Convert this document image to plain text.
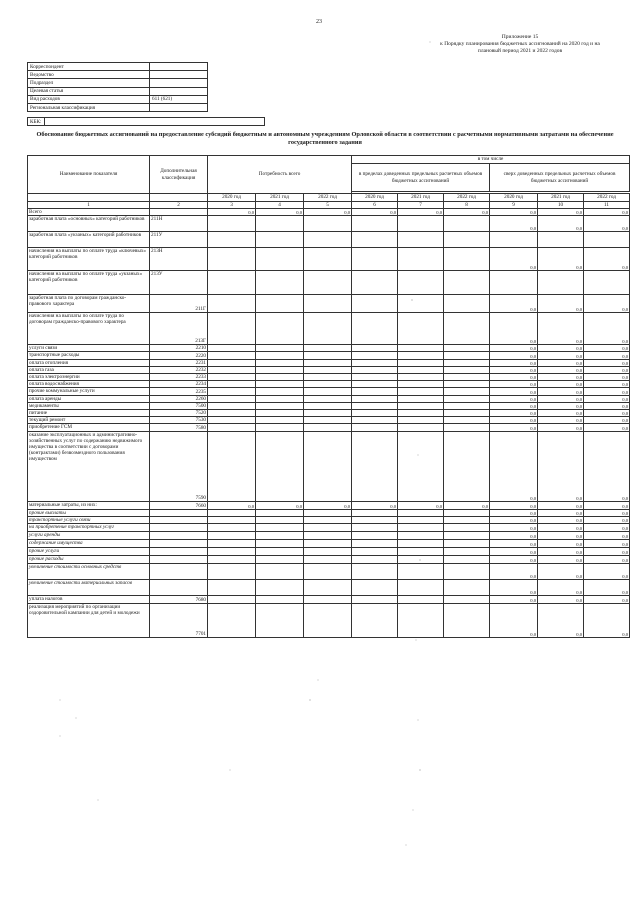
23
Приложение 15
к Порядку планирования бюджетных ассигнований на 2020 год и на
плановый период 2021 и 2022 годов
Корреспондент	
Ведомство	
Подраздел	
Целевая статья	
Вид расходов	611 (621)
Региональная классификация	
КБК:	
Обоснование бюджетных ассигнований на предоставление субсидий бюджетным и автономным учреждениям Орловской области в соответствии с расчетными нормативными затратами на обеспечение государственного задания
Наименование показателя	Дополнительная классификация	Потребность всего			в том числе					
					в пределах доведенных предельных расчетных объемов бюджетных ассигнований			сверх доведенных предельных расчетных объемов бюджетных ассигнований		

		2020 год	2021 год	2022 год	2020 год	2021 год	2022 год	2020 год	2021 год	2022 год
1	2	3	4	5	6	7	8	9	10	11
Всего		0,0	0,0	0,0	0,0	0,0	0,0	0,0	0,0	0,0
заработная плата «основных» категорий работников	211Н							0,0	0,0	0,0
заработная плата «укзаных» категорий работников	211У									
начисления на выплаты по оплате труда «ключевых» категорий работников	213Н							0,0	0,0	0,0
начисления на выплаты по оплате труда «укзаных» категорий работников	213У									
заработная плата по договорам гражданско-правового характера	211Г							0,0	0,0	0,0
начисления на выплаты по оплате труда по договорам гражданско-правового характера	213Г							0,0	0,0	0,0
услуги связи	2210							0,0	0,0	0,0
транспортные расходы	2220							0,0	0,0	0,0
оплата отопления	2231							0,0	0,0	0,0
оплата газа	2232							0,0	0,0	0,0
оплата электроэнергии	2233							0,0	0,0	0,0
оплата водоснабжения	2234							0,0	0,0	0,0
прочие коммунальные услуги	2235							0,0	0,0	0,0
оплата аренды	2260							0,0	0,0	0,0
медикаменты	7500							0,0	0,0	0,0
питание	7520							0,0	0,0	0,0
текущий ремонт	7530							0,0	0,0	0,0
приобретение ГСМ	7580							0,0	0,0	0,0
оказание эксплуатационных и административно-хозяйственных услуг по содержанию недвижимого имущества в соответствии с договорами (контрактами) безвозмездного пользования имуществом	7590							0,0	0,0	0,0
материальные затраты, из них:	7660	0,0	0,0	0,0	0,0	0,0	0,0	0,0	0,0	0,0
прочие выплаты								0,0	0,0	0,0
транспортные услуги связи								0,0	0,0	0,0
на приобретение транспортных услуг								0,0	0,0	0,0
услуги аренды								0,0	0,0	0,0
содержание имущества								0,0	0,0	0,0
прочие услуги								0,0	0,0	0,0
прочие расходы								0,0	0,0	0,0
увеличение стоимости основных средств								0,0	0,0	0,0
увеличение стоимости материальных запасов								0,0	0,0	0,0
уплата налогов	7680							0,0	0,0	0,0
реализация мероприятий по организации оздоровительной кампании для детей и молодежи	7701							0,0	0,0	0,0
